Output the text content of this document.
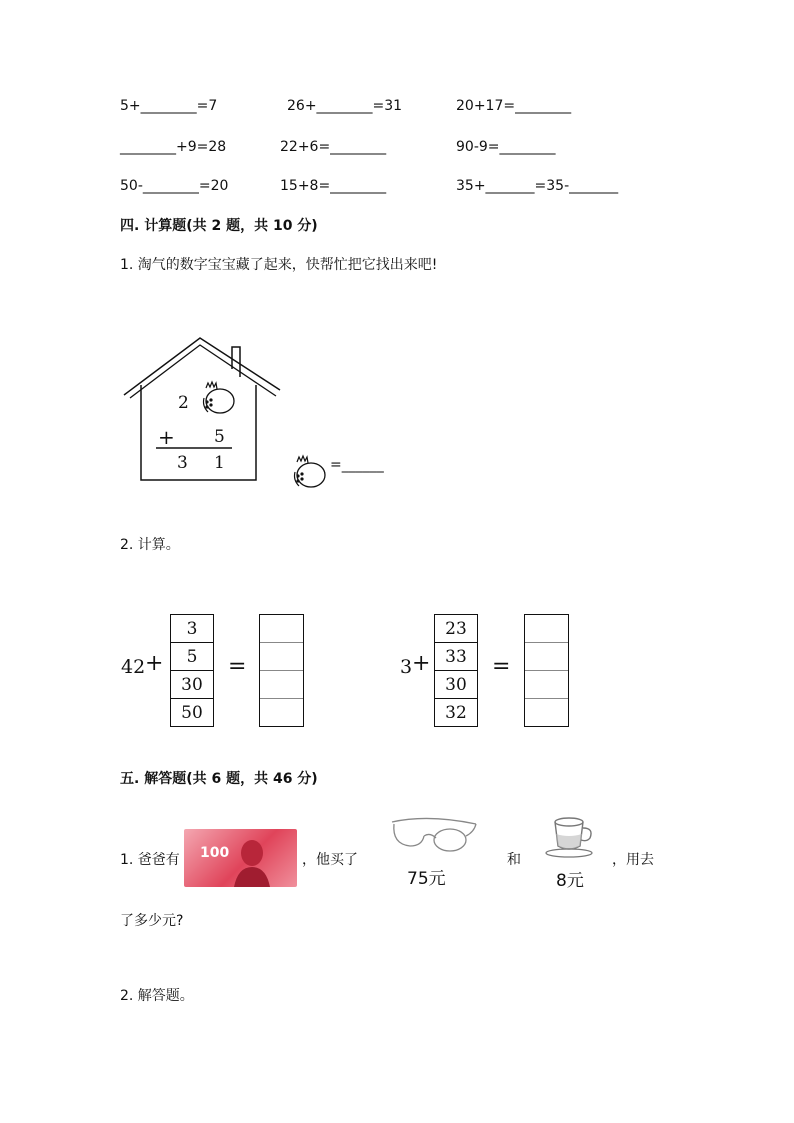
5+________=7	26+________=31	20+17=________
________+9=28	22+6=________	90-9=________
50-________=20	15+8=________	35+_______=35-_______
四. 计算题(共 2 题，共 10 分)
1. 淘气的数字宝宝藏了起来，快帮忙把它找出来吧!
2
+ 5
3 1	=______
2. 计算。
42 +
3
5
30
50
=	3 +
23
33
30
32
=
五. 解答题(共 6 题，共 46 分)
1. 爸爸有 100	，他买了
75元
和
8元
，用去
了多少元?
2. 解答题。
